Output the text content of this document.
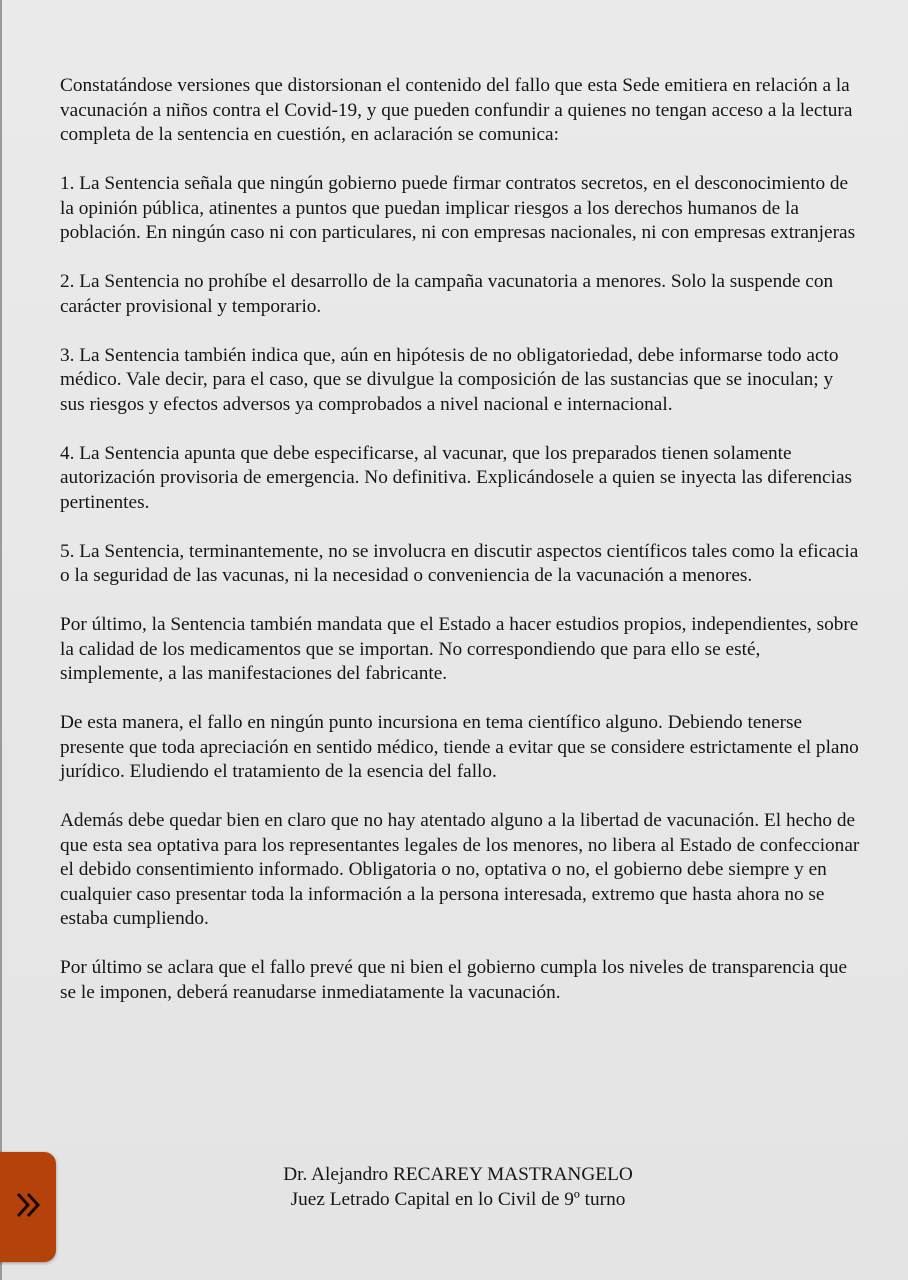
Constatándose versiones que distorsionan el contenido del fallo que esta Sede emitiera en relación a la vacunación a niños contra el Covid-19, y que pueden confundir a quienes no tengan acceso a la lectura completa de la sentencia en cuestión, en aclaración se comunica:

1. La Sentencia señala que ningún gobierno puede firmar contratos secretos, en el desconocimiento de la opinión pública, atinentes a puntos que puedan implicar riesgos a los derechos humanos de la población. En ningún caso ni con particulares, ni con empresas nacionales, ni con empresas extranjeras

2. La Sentencia no prohíbe el desarrollo de la campaña vacunatoria a menores. Solo la suspende con carácter provisional y temporario.

3. La Sentencia también indica que, aún en hipótesis de no obligatoriedad, debe informarse todo acto médico. Vale decir, para el caso, que se divulgue la composición de las sustancias que se inoculan; y sus riesgos y efectos adversos ya comprobados a nivel nacional e internacional.

4. La Sentencia apunta que debe especificarse, al vacunar, que los preparados tienen solamente autorización provisoria de emergencia. No definitiva. Explicándosele a quien se inyecta las diferencias pertinentes.

5. La Sentencia, terminantemente, no se involucra en discutir aspectos científicos tales como la eficacia o la seguridad de las vacunas, ni la necesidad o conveniencia de la vacunación a menores.

Por último, la Sentencia también mandata que el Estado a hacer estudios propios, independientes, sobre la calidad de los medicamentos que se importan. No correspondiendo que para ello se esté, simplemente, a las manifestaciones del fabricante.

De esta manera, el fallo en ningún punto incursiona en tema científico alguno. Debiendo tenerse presente que toda apreciación en sentido médico, tiende a evitar que se considere estrictamente el plano jurídico. Eludiendo el tratamiento de la esencia del fallo.

Además debe quedar bien en claro que no hay atentado alguno a la libertad de vacunación. El hecho de que esta sea optativa para los representantes legales de los menores, no libera al Estado de confeccionar el debido consentimiento informado. Obligatoria o no, optativa o no, el gobierno debe siempre y en cualquier caso presentar toda la información a la persona interesada, extremo que hasta ahora no se estaba cumpliendo.

Por último se aclara que el fallo prevé que ni bien el gobierno cumpla los niveles de transparencia que se le imponen, deberá reanudarse inmediatamente la vacunación.

Dr. Alejandro RECAREY MASTRANGELO
Juez Letrado Capital en lo Civil de 9º turno
